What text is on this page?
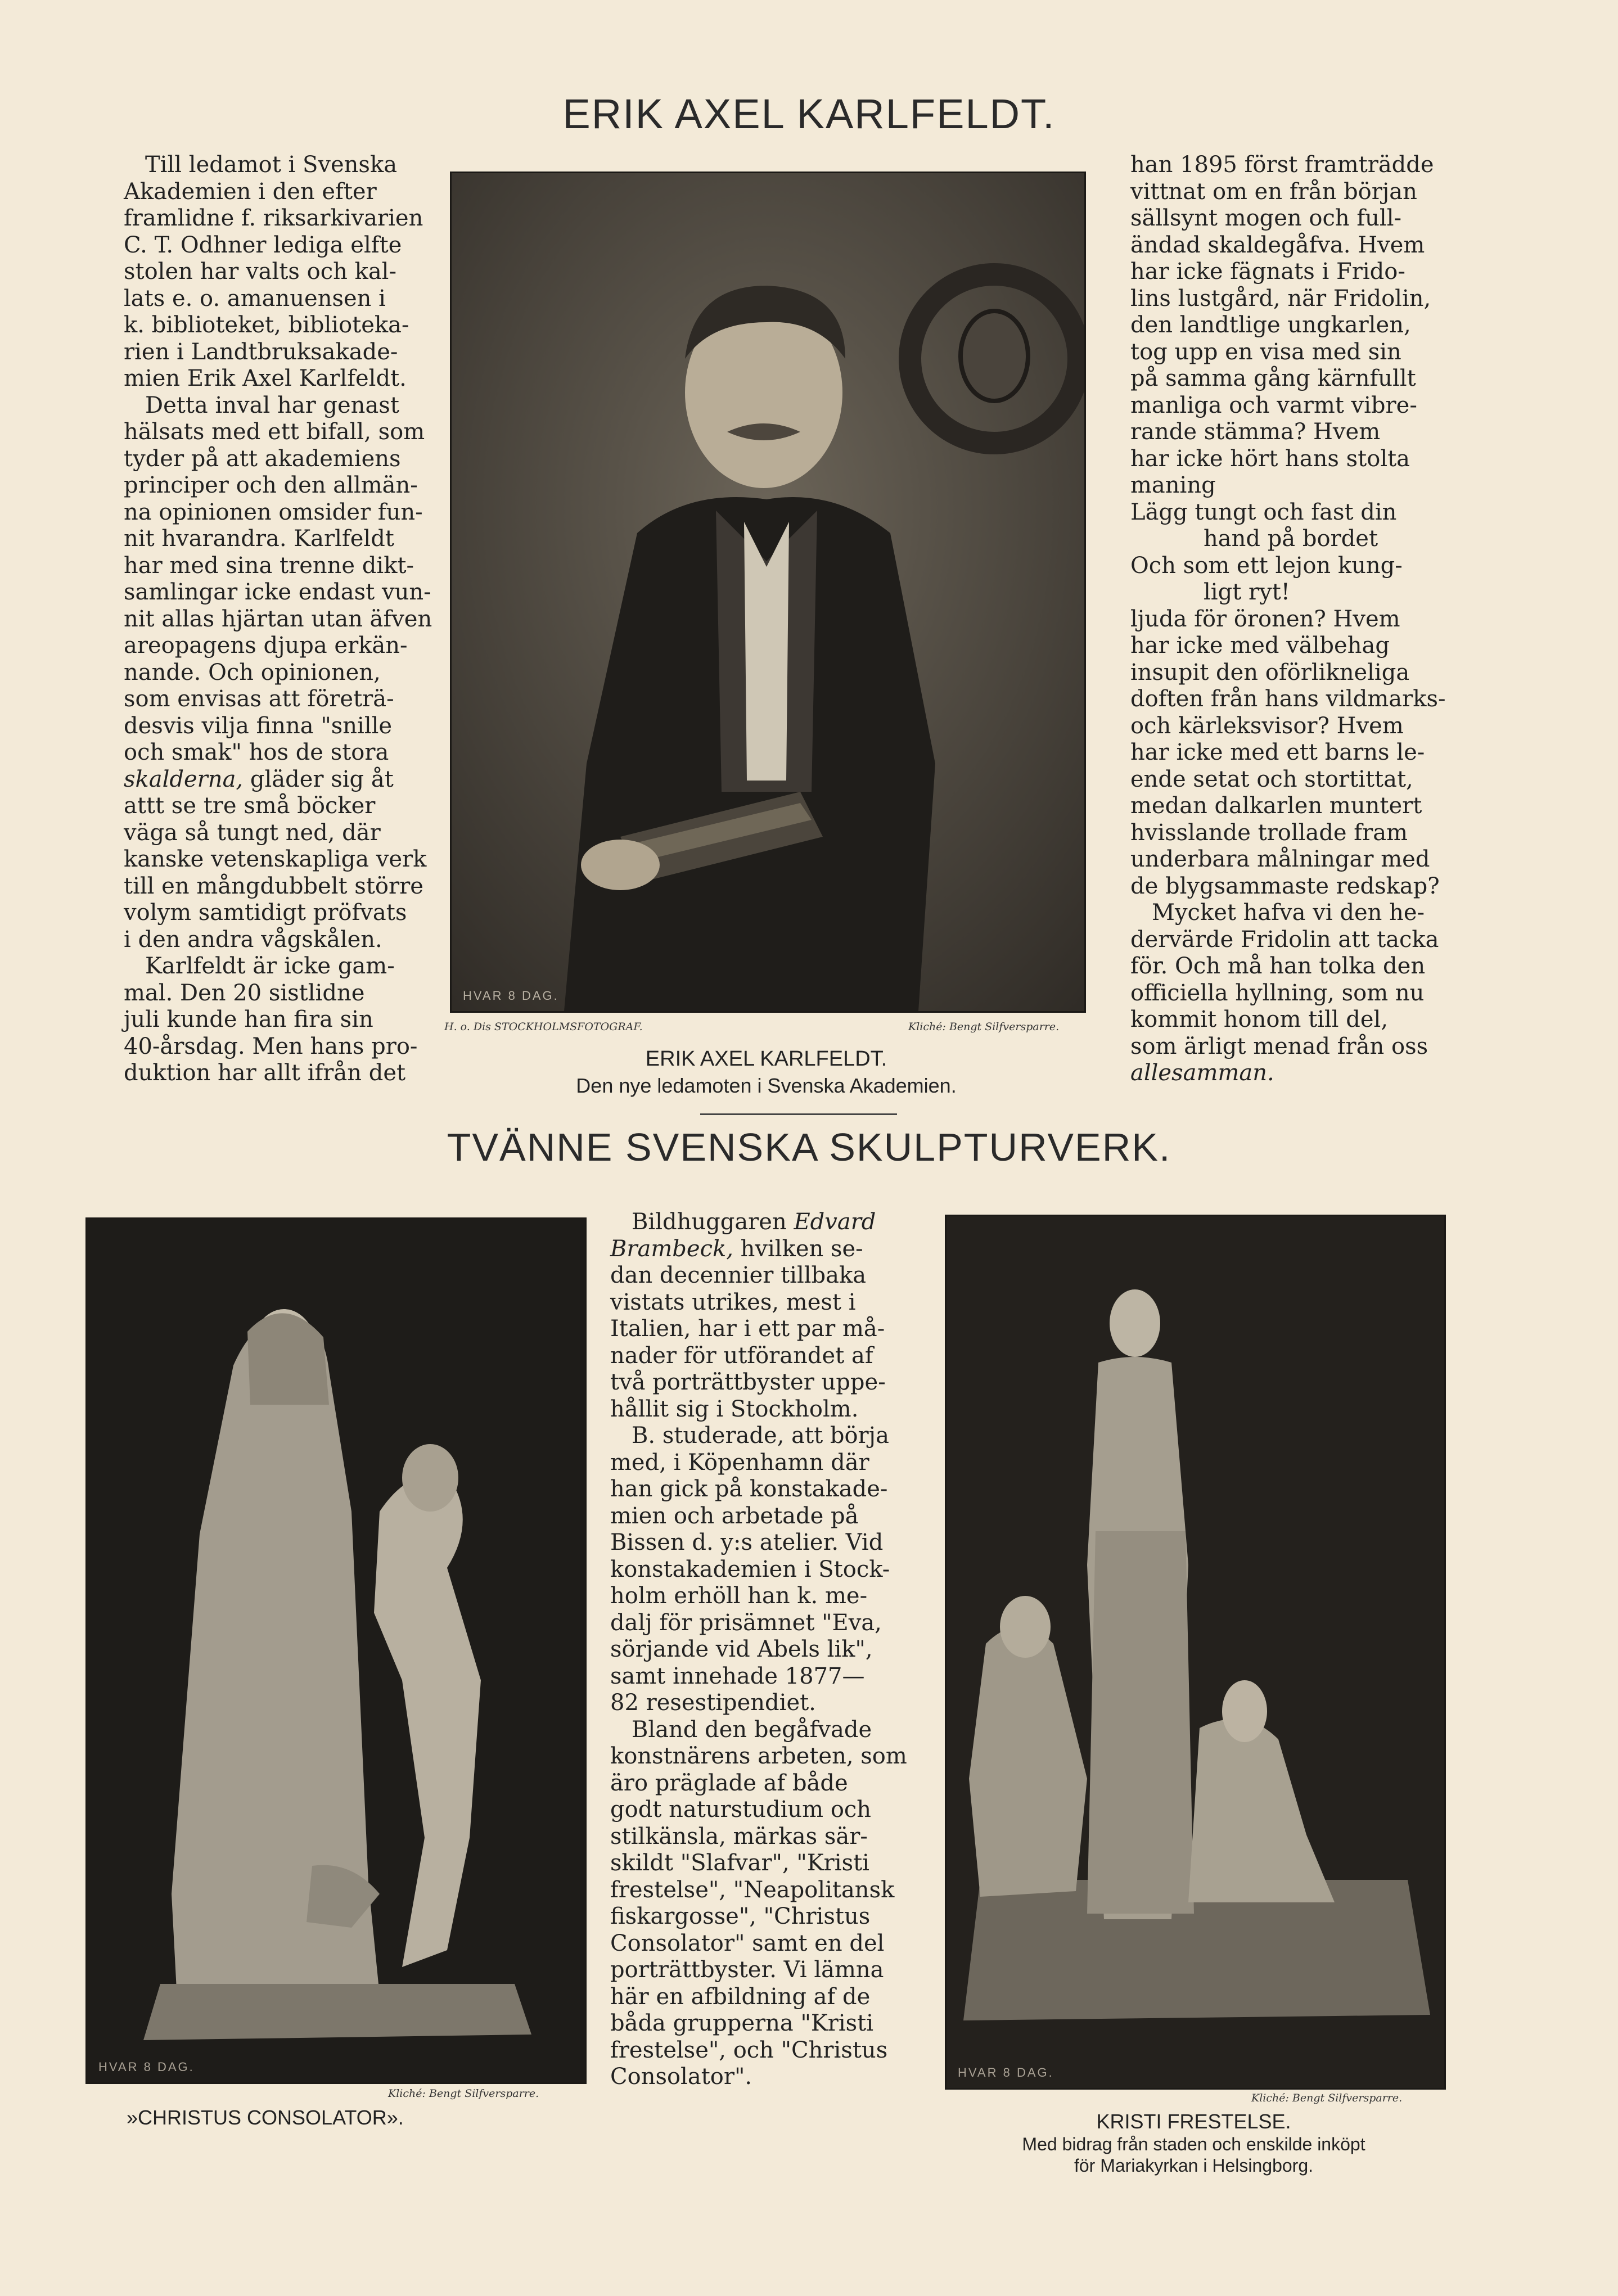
ERIK AXEL KARLFELDT.
Till ledamot i Svenska
Akademien i den efter
framlidne f. riksarkivarien
C. T. Odhner lediga elfte
stolen har valts och kal-
lats e. o. amanuensen i
k. biblioteket, biblioteka-
rien i Landtbruksakade-
mien Erik Axel Karlfeldt.
Detta inval har genast
hälsats med ett bifall, som
tyder på att akademiens
principer och den allmän-
na opinionen omsider fun-
nit hvarandra. Karlfeldt
har med sina trenne dikt-
samlingar icke endast vun-
nit allas hjärtan utan äfven
areopagens djupa erkän-
nande. Och opinionen,
som envisas att företrä-
desvis vilja finna "snille
och smak" hos de stora
skalderna, gläder sig åt
attt se tre små böcker
väga så tungt ned, där
kanske vetenskapliga verk
till en mångdubbelt större
volym samtidigt pröfvats
i den andra vågskålen.
Karlfeldt är icke gam-
mal. Den 20 sistlidne
juli kunde han fira sin
40-årsdag. Men hans pro-
duktion har allt ifrån det
HVAR 8 DAG.
H. o. Dis STOCKHOLMSFOTOGRAF.	Kliché: Bengt Silfversparre.
ERIK AXEL KARLFELDT.
Den nye ledamoten i Svenska Akademien.
han 1895 först framträdde
vittnat om en från början
sällsynt mogen och full-
ändad skaldegåfva. Hvem
har icke fägnats i Frido-
lins lustgård, när Fridolin,
den landtlige ungkarlen,
tog upp en visa med sin
på samma gång kärnfullt
manliga och varmt vibre-
rande stämma? Hvem
har icke hört hans stolta
maning
Lägg tungt och fast din
hand på bordet
Och som ett lejon kung-
ligt ryt!
ljuda för öronen? Hvem
har icke med välbehag
insupit den oförlikneliga
doften från hans vildmarks-
och kärleksvisor? Hvem
har icke med ett barns le-
ende setat och stortittat,
medan dalkarlen muntert
hvisslande trollade fram
underbara målningar med
de blygsammaste redskap?
Mycket hafva vi den he-
dervärde Fridolin att tacka
för. Och må han tolka den
officiella hyllning, som nu
kommit honom till del,
som ärligt menad från oss
allesamman.
TVÄNNE SVENSKA SKULPTURVERK.
HVAR 8 DAG.
Kliché: Bengt Silfversparre.
»CHRISTUS CONSOLATOR».
Bildhuggaren Edvard
Brambeck, hvilken se-
dan decennier tillbaka
vistats utrikes, mest i
Italien, har i ett par må-
nader för utförandet af
två porträttbyster uppe-
hållit sig i Stockholm.
B. studerade, att börja
med, i Köpenhamn där
han gick på konstakade-
mien och arbetade på
Bissen d. y:s atelier. Vid
konstakademien i Stock-
holm erhöll han k. me-
dalj för prisämnet "Eva,
sörjande vid Abels lik",
samt innehade 1877—
82 resestipendiet.
Bland den begåfvade
konstnärens arbeten, som
äro präglade af både
godt naturstudium och
stilkänsla, märkas sär-
skildt "Slafvar", "Kristi
frestelse", "Neapolitansk
fiskargosse", "Christus
Consolator" samt en del
porträttbyster. Vi lämna
här en afbildning af de
båda grupperna "Kristi
frestelse", och "Christus
Consolator".	HVAR 8 DAG.
Kliché: Bengt Silfversparre.
KRISTI FRESTELSE.
Med bidrag från staden och enskilde inköpt
för Mariakyrkan i Helsingborg.
